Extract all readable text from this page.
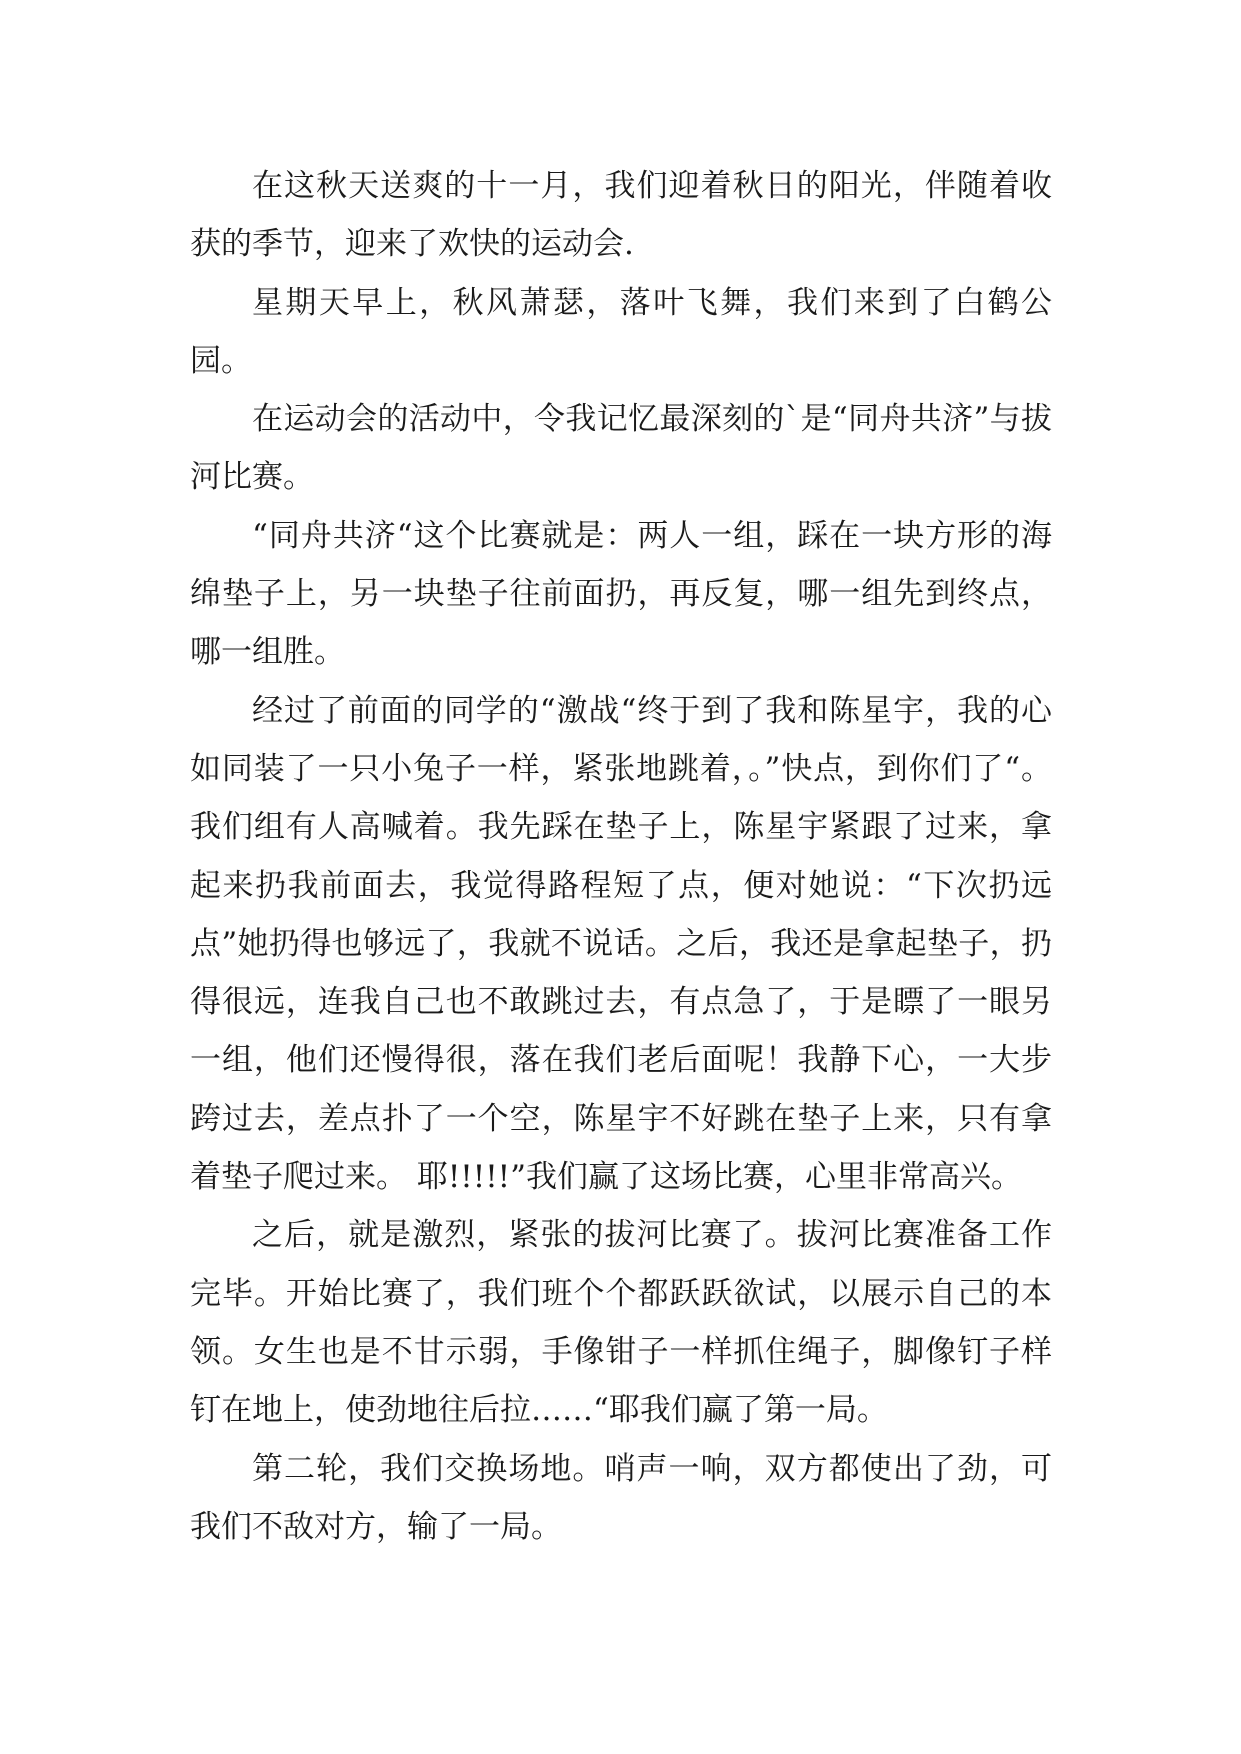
在这秋天送爽的十一月，我们迎着秋日的阳光，伴随着收获的季节，迎来了欢快的运动会.

星期天早上，秋风萧瑟，落叶飞舞，我们来到了白鹤公园。

在运动会的活动中，令我记忆最深刻的`是“同舟共济”与拔河比赛。

“同舟共济“这个比赛就是：两人一组，踩在一块方形的海绵垫子上，另一块垫子往前面扔，再反复，哪一组先到终点，哪一组胜。

经过了前面的同学的“激战“终于到了我和陈星宇，我的心如同装了一只小兔子一样，紧张地跳着，。”快点，到你们了“。我们组有人高喊着。我先踩在垫子上，陈星宇紧跟了过来，拿起来扔我前面去，我觉得路程短了点，便对她说：“下次扔远点”她扔得也够远了，我就不说话。之后，我还是拿起垫子，扔得很远，连我自己也不敢跳过去，有点急了，于是瞟了一眼另一组，他们还慢得很，落在我们老后面呢！我静下心，一大步跨过去，差点扑了一个空，陈星宇不好跳在垫子上来，只有拿着垫子爬过来。 耶!!!!!”我们赢了这场比赛，心里非常高兴。

之后，就是激烈，紧张的拔河比赛了。拔河比赛准备工作完毕。开始比赛了，我们班个个都跃跃欲试，以展示自己的本领。女生也是不甘示弱，手像钳子一样抓住绳子，脚像钉子样钉在地上，使劲地往后拉……“耶我们赢了第一局。

第二轮，我们交换场地。哨声一响，双方都使出了劲，可我们不敌对方，输了一局。
